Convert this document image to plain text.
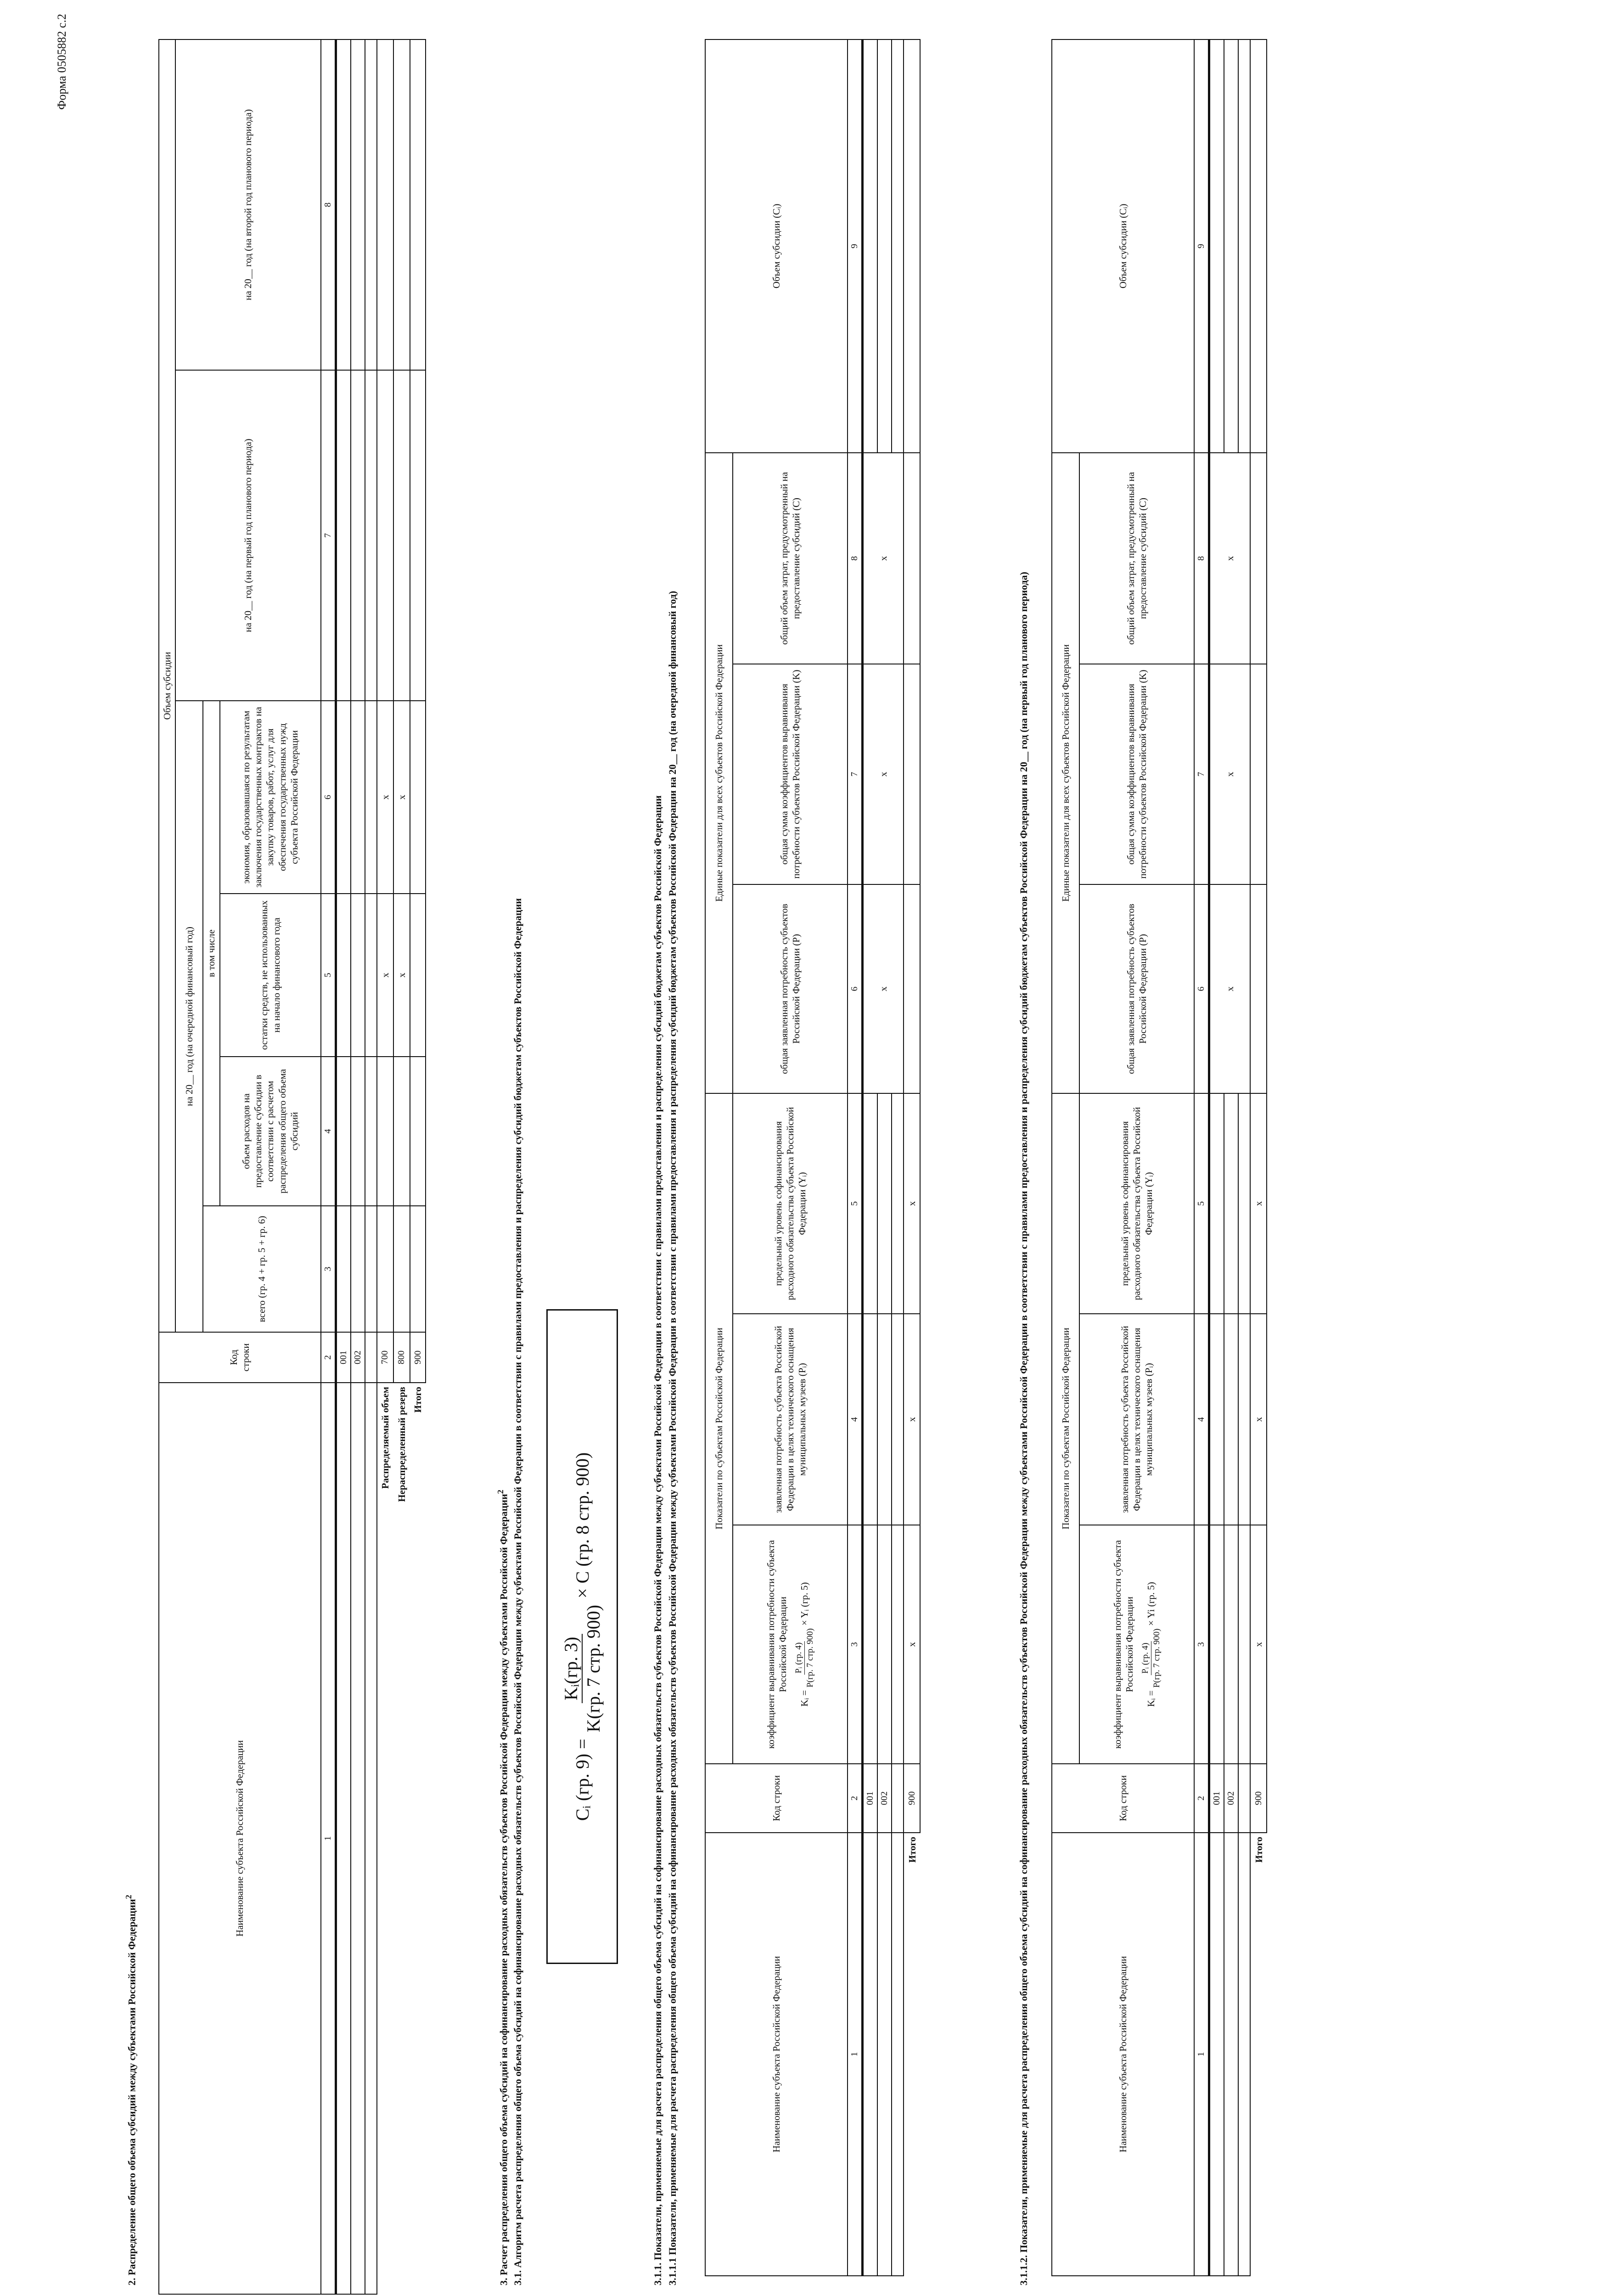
Форма 0505882 с.2
2. Распределение общего объема субсидий между субъектами Российской Федерации$^2$	Наименование субъекта Российской Федерации	Код строки	Объем субсидии					
		на 20__ год (на очередной финансовый год)				на 20__ год (на первый год планового периода)	на 20__ год (на второй год планового периода)
		всего (гр. 4 + гр. 5 + гр. 6)	в том числе				
			объем расходов на предоставление субсидии в соответствии с расчетом распределения общего объема субсидий	остатки средств, не использованных на начало финансового года	экономия, образовавшаяся по результатам заключения государственных контрактов на закупку товаров, работ, услуг для обеспечения государственных нужд субъекта Российской Федерации		
1	2	3	4	5	6	7	8
	001						
	002						

Распределяемый объем	700			x	x		
Нераспределенный резерв	800			x	x		
Итого	900						
3. Расчет распределения общего объема субсидий на софинансирование расходных обязательств субъектов Российской Федерации между субъектами Российской Федерации$^2$ 3.1. Алгоритм расчета распределения общего объема субсидий на софинансирование расходных обязательств субъектов Российской Федерации между субъектами Российской Федерации в соответствии с правилами предоставления и распределения субсидий бюджетам субъектов Российской Федерации	Cᵢ (гр. 9) =
Kᵢ(гр. 3) K(гр. 7 стр. 900)
× C (гр. 8 стр. 900)	3.1.1. Показатели, применяемые для расчета распределения общего объема субсидий на софинансирование расходных обязательств субъектов Российской Федерации между субъектами Российской Федерации в соответствии с правилами предоставления и распределения субсидий бюджетам субъектов Российской Федерации 3.1.1.1 Показатели, применяемые для расчета распределения общего объема субсидий на софинансирование расходных обязательств субъектов Российской Федерации между субъектами Российской Федерации в соответствии с правилами предоставления и распределения субсидий бюджетам субъектов Российской Федерации на 20__ год (на очередной финансовый год)	Наименование субъекта Российской Федерации	Код строки	Показатели по субъектам Российской Федерации			Единые показатели для всех субъектов Российской Федерации			Объем субсидии (Cᵢ)

		коэффициент выравнивания потребности субъекта Российской Федерации
Kᵢ =
Pᵢ (гр. 4) P(гр. 7 стр. 900)
× Yᵢ (гр. 5)	заявленная потребность субъекта Российской Федерации в целях технического оснащения муниципальных музеев (Pᵢ)	предельный уровень софинансирования расходного обязательства субъекта Российской Федерации (Yᵢ)	общая заявленная потребность субъектов Российской Федерации (P)	общая сумма коэффициентов выравнивания потребности субъектов Российской Федерации (K)	общий объем затрат, предусмотренный на предоставление субсидий (C)	
1	2	3	4	5	6	7	8	9
	001				x	x	x	
	002							

Итого	900	x	x	x					3.1.1.2. Показатели, применяемые для расчета распределения общего объема субсидий на софинансирование расходных обязательств субъектов Российской Федерации между субъектами Российской Федерации в соответствии с правилами предоставления и распределения субсидий бюджетам субъектов Российской Федерации на 20__ год (на первый год планового периода)	Наименование субъекта Российской Федерации	Код строки	Показатели по субъектам Российской Федерации			Единые показатели для всех субъектов Российской Федерации			Объем субсидии (Cᵢ)

		коэффициент выравнивания потребности субъекта Российской Федерации
Kᵢ =
Pᵢ (гр. 4) P(гр. 7 стр. 900)
× Yi (гр. 5)	заявленная потребность субъекта Российской Федерации в целях технического оснащения муниципальных музеев (Pᵢ)	предельный уровень софинансирования расходного обязательства субъекта Российской Федерации (Yᵢ)	общая заявленная потребность субъектов Российской Федерации (P)	общая сумма коэффициентов выравнивания потребности субъектов Российской Федерации (K)	общий объем затрат, предусмотренный на предоставление субсидий (C)	
1	2	3	4	5	6	7	8	9
	001				x	x	x	
	002							

Итого	900	x	x	x				
